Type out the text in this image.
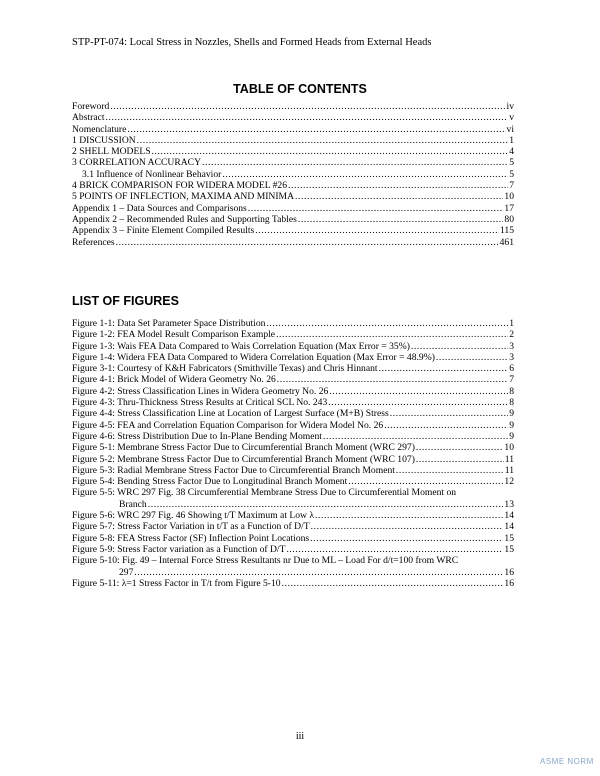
STP-PT-074: Local Stress in Nozzles, Shells and Formed Heads from External Heads
TABLE OF CONTENTS
Foreword .....	iv
Abstract .....	v
Nomenclature .....	vi
1 DISCUSSION .....	1
2 SHELL MODELS .....	4
3 CORRELATION ACCURACY .....	5
3.1 Influence of Nonlinear Behavior .....	5
4 BRICK COMPARISON FOR WIDERA MODEL #26 .....	7
5 POINTS OF INFLECTION, MAXIMA AND MINIMA .....	10
Appendix 1 – Data Sources and Comparisons .....	17
Appendix 2 – Recommended Rules and Supporting Tables .....	80
Appendix 3 – Finite Element Compiled Results .....	115
References .....	461
LIST OF FIGURES
Figure 1-1: Data Set Parameter Space Distribution .....	1
Figure 1-2: FEA Model Result Comparison Example .....	2
Figure 1-3: Wais FEA Data Compared to Wais Correlation Equation (Max Error = 35%) .....	3
Figure 1-4: Widera FEA Data Compared to Widera Correlation Equation (Max Error = 48.9%) .....	3
Figure 3-1: Courtesy of K&H Fabricators (Smithville Texas) and Chris Hinnant .....	6
Figure 4-1: Brick Model of Widera Geometry No. 26 .....	7
Figure 4-2: Stress Classification Lines in Widera Geometry No. 26 .....	8
Figure 4-3: Thru-Thickness Stress Results at Critical SCL No. 243 .....	8
Figure 4-4: Stress Classification Line at Location of Largest Surface (M+B) Stress .....	9
Figure 4-5: FEA and Correlation Equation Comparison for Widera Model No. 26 .....	9
Figure 4-6: Stress Distribution Due to In-Plane Bending Moment .....	9
Figure 5-1: Membrane Stress Factor Due to Circumferential Branch Moment (WRC 297) .....	10
Figure 5-2: Membrane Stress Factor Due to Circumferential Branch Moment (WRC 107) .....	11
Figure 5-3: Radial Membrane Stress Factor Due to Circumferential Branch Moment .....	11
Figure 5-4: Bending Stress Factor Due to Longitudinal Branch Moment .....	12
Figure 5-5: WRC 297 Fig. 38 Circumferential Membrane Stress Due to Circumferential Moment on
Branch .....	13
Figure 5-6: WRC 297 Fig. 46 Showing t/T Maximum at Low λ .....	14
Figure 5-7: Stress Factor Variation in t/T as a Function of D/T .....	14
Figure 5-8: FEA Stress Factor (SF) Inflection Point Locations .....	15
Figure 5-9: Stress Factor variation as a Function of D/T .....	15
Figure 5-10: Fig. 49 – Internal Force Stress Resultants nr Due to ML – Load For d/t=100 from WRC
297 .....	16
Figure 5-11: λ=1 Stress Factor in T/t from Figure 5-10 .....	16
iii
ASME NORM
